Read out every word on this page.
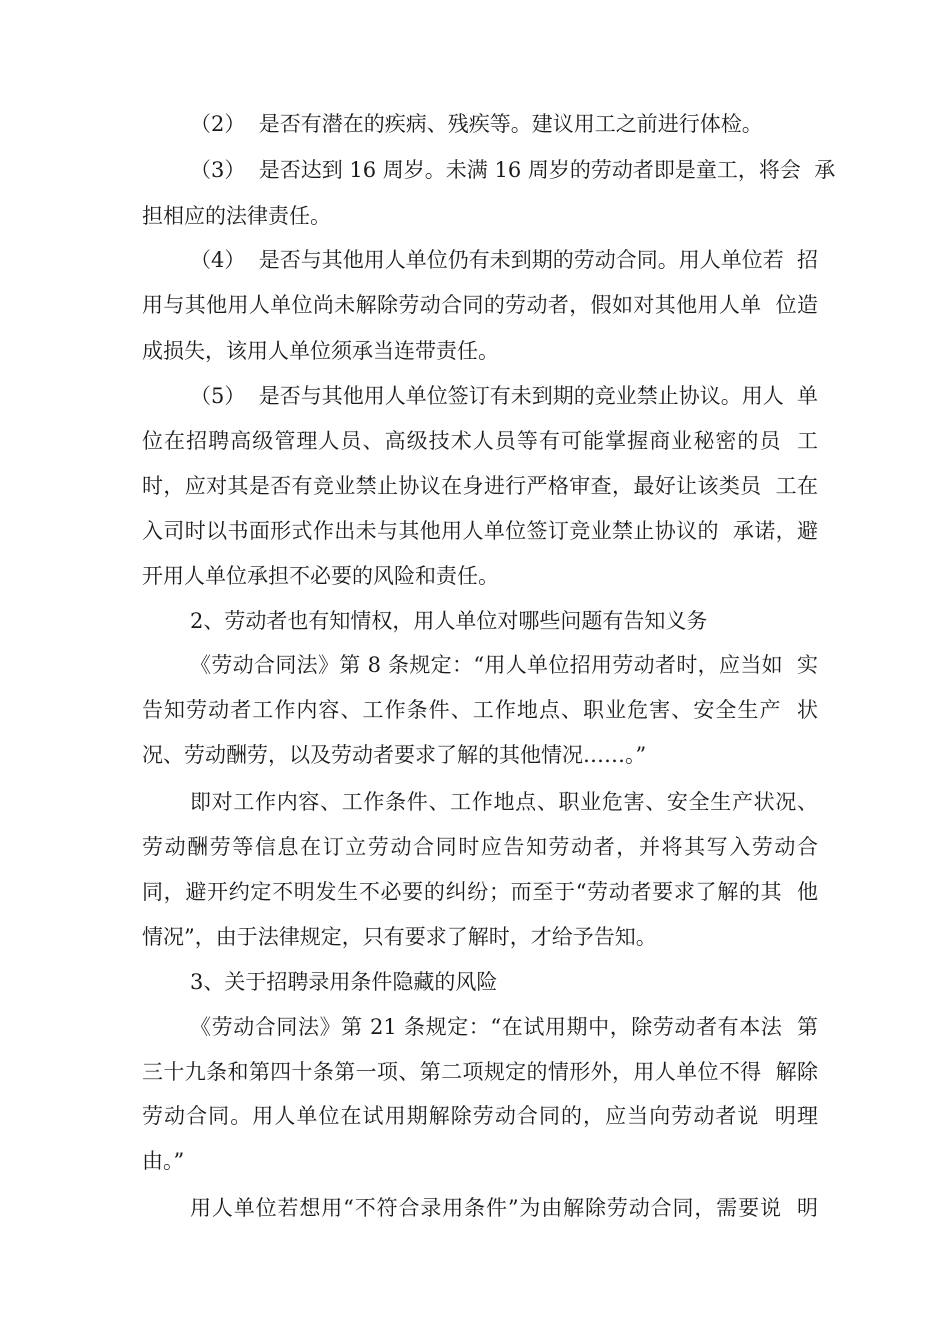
（2）  是否有潜在的疾病、残疾等。建议用工之前进行体检。
（3）  是否达到 16 周岁。未满 16 周岁的劳动者即是童工，将会  承
担相应的法律责任。
（4）  是否与其他用人单位仍有未到期的劳动合同。用人单位若  招
用与其他用人单位尚未解除劳动合同的劳动者，假如对其他用人单  位造
成损失，该用人单位须承当连带责任。
（5）  是否与其他用人单位签订有未到期的竞业禁止协议。用人  单
位在招聘高级管理人员、高级技术人员等有可能掌握商业秘密的员  工
时，应对其是否有竞业禁止协议在身进行严格审查，最好让该类员  工在
入司时以书面形式作出未与其他用人单位签订竞业禁止协议的  承诺，避
开用人单位承担不必要的风险和责任。
2、劳动者也有知情权，用人单位对哪些问题有告知义务
《劳动合同法》第 8 条规定：“用人单位招用劳动者时，应当如  实
告知劳动者工作内容、工作条件、工作地点、职业危害、安全生产  状
况、劳动酬劳，以及劳动者要求了解的其他情况……。”
即对工作内容、工作条件、工作地点、职业危害、安全生产状况、
劳动酬劳等信息在订立劳动合同时应告知劳动者，并将其写入劳动合
同，避开约定不明发生不必要的纠纷；而至于“劳动者要求了解的其  他
情况”，由于法律规定，只有要求了解时，才给予告知。
3、关于招聘录用条件隐藏的风险
《劳动合同法》第 21 条规定：“在试用期中，除劳动者有本法  第
三十九条和第四十条第一项、第二项规定的情形外，用人单位不得  解除
劳动合同。用人单位在试用期解除劳动合同的，应当向劳动者说  明理
由。”
用人单位若想用“不符合录用条件”为由解除劳动合同，需要说  明
